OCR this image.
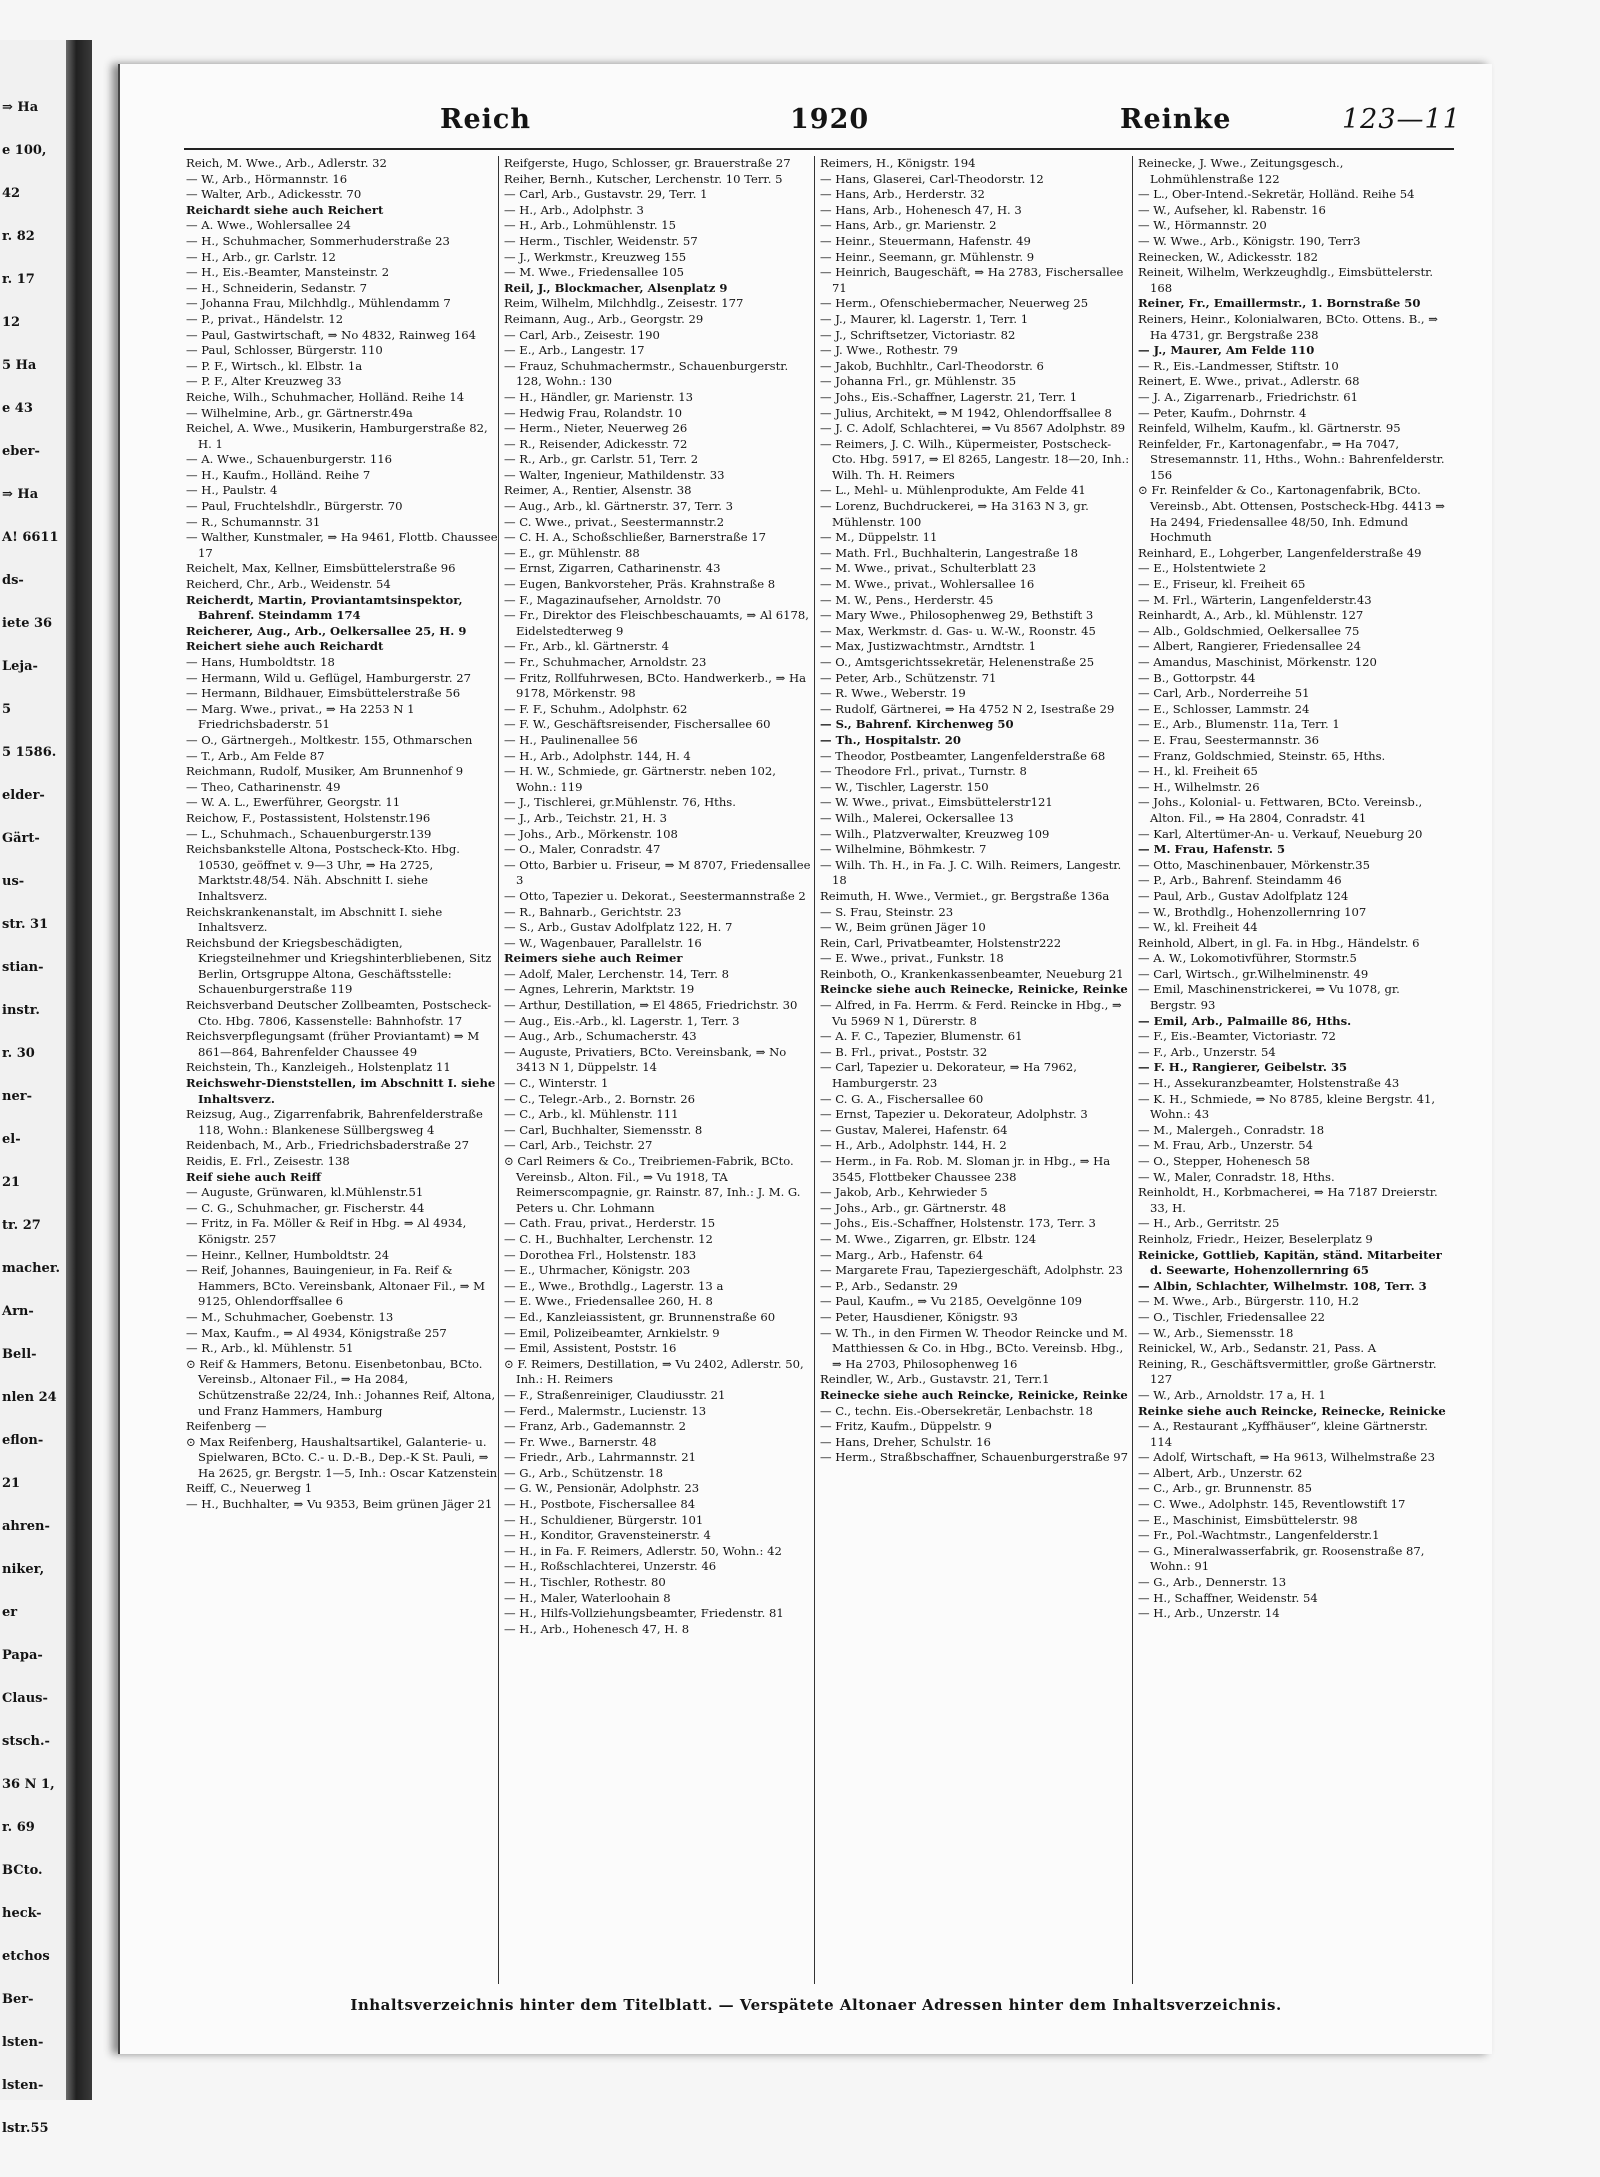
⇒ Ha
e 100,
42
r. 82
r. 17
12
5 Ha
e 43
eber-
⇒ Ha
A! 6611
ds-
iete 36
Leja-
5
5 1586.
elder-
Gärt-
us-
str. 31
stian-
instr.
r. 30
ner-
el-
21
tr. 27
macher.
Arn-
Bell-
nlen 24
eflon-
21
ahren-
niker,
er
Papa-
Claus-
stsch.-
36 N 1,
r. 69
BCto.
heck-
etchos
Ber-
lsten-
lsten-
lstr.55
Reich	1920	Reinke	123—11

Reich, M. Wwe., Arb., Adlerstr. 32

— W., Arb., Hörmannstr. 16

— Walter, Arb., Adickesstr. 70

Reichardt siehe auch Reichert

— A. Wwe., Wohlersallee 24

— H., Schuhmacher, Sommerhuderstraße 23

— H., Arb., gr. Carlstr. 12

— H., Eis.-Beamter, Mansteinstr. 2

— H., Schneiderin, Sedanstr. 7

— Johanna Frau, Milchhdlg., Mühlendamm 7

— P., privat., Händelstr. 12

— Paul, Gastwirtschaft, ⇒ No 4832, Rainweg 164

— Paul, Schlosser, Bürgerstr. 110

— P. F., Wirtsch., kl. Elbstr. 1a

— P. F., Alter Kreuzweg 33

Reiche, Wilh., Schuhmacher, Holländ. Reihe 14

— Wilhelmine, Arb., gr. Gärtnerstr.49a

Reichel, A. Wwe., Musikerin, Hamburgerstraße 82, H. 1

— A. Wwe., Schauenburgerstr. 116

— H., Kaufm., Holländ. Reihe 7

— H., Paulstr. 4

— Paul, Fruchtelshdlr., Bürgerstr. 70

— R., Schumannstr. 31

— Walther, Kunstmaler, ⇒ Ha 9461, Flottb. Chaussee 17

Reichelt, Max, Kellner, Eimsbüttelerstraße 96

Reicherd, Chr., Arb., Weidenstr. 54

Reicherdt, Martin, Proviantamtsinspektor, Bahrenf. Steindamm 174

Reicherer, Aug., Arb., Oelkersallee 25, H. 9

Reichert siehe auch Reichardt

— Hans, Humboldtstr. 18

— Hermann, Wild u. Geflügel, Hamburgerstr. 27

— Hermann, Bildhauer, Eimsbüttelerstraße 56

— Marg. Wwe., privat., ⇒ Ha 2253 N 1 Friedrichsbaderstr. 51

— O., Gärtnergeh., Moltkestr. 155, Othmarschen

— T., Arb., Am Felde 87

Reichmann, Rudolf, Musiker, Am Brunnenhof 9

— Theo, Catharinenstr. 49

— W. A. L., Ewerführer, Georgstr. 11

Reichow, F., Postassistent, Holstenstr.196

— L., Schuhmach., Schauenburgerstr.139

Reichsbankstelle Altona, Postscheck-Kto. Hbg. 10530, geöffnet v. 9—3 Uhr, ⇒ Ha 2725, Marktstr.48/54. Näh. Abschnitt I. siehe Inhaltsverz.

Reichskrankenanstalt, im Abschnitt I. siehe Inhaltsverz.

Reichsbund der Kriegsbeschädigten, Kriegsteilnehmer und Kriegshinterbliebenen, Sitz Berlin, Ortsgruppe Altona, Geschäftsstelle: Schauenburgerstraße 119

Reichsverband Deutscher Zollbeamten, Postscheck-Cto. Hbg. 7806, Kassenstelle: Bahnhofstr. 17

Reichsverpflegungsamt (früher Proviantamt) ⇒ M 861—864, Bahrenfelder Chaussee 49

Reichstein, Th., Kanzleigeh., Holstenplatz 11

Reichswehr-Dienststellen, im Abschnitt I. siehe Inhaltsverz.

Reizsug, Aug., Zigarrenfabrik, Bahrenfelderstraße 118, Wohn.: Blankenese Süllbergsweg 4

Reidenbach, M., Arb., Friedrichsbaderstraße 27

Reidis, E. Frl., Zeisestr. 138

Reif siehe auch Reiff

— Auguste, Grünwaren, kl.Mühlenstr.51

— C. G., Schuhmacher, gr. Fischerstr. 44

— Fritz, in Fa. Möller & Reif in Hbg. ⇒ Al 4934, Königstr. 257

— Heinr., Kellner, Humboldtstr. 24

— Reif, Johannes, Bauingenieur, in Fa. Reif & Hammers, BCto. Vereinsbank, Altonaer Fil., ⇒ M 9125, Ohlendorffsallee 6

— M., Schuhmacher, Goebenstr. 13

— Max, Kaufm., ⇒ Al 4934, Königstraße 257

— R., Arb., kl. Mühlenstr. 51

⊙ Reif & Hammers, Betonu. Eisenbetonbau, BCto. Vereinsb., Altonaer Fil., ⇒ Ha 2084, Schützenstraße 22/24, Inh.: Johannes Reif, Altona, und Franz Hammers, Hamburg

Reifenberg —

⊙ Max Reifenberg, Haushaltsartikel, Galanterie- u. Spielwaren, BCto. C.- u. D.-B., Dep.-K St. Pauli, ⇒ Ha 2625, gr. Bergstr. 1—5, Inh.: Oscar Katzenstein

Reiff, C., Neuerweg 1

— H., Buchhalter, ⇒ Vu 9353, Beim grünen Jäger 21

Reifgerste, Hugo, Schlosser, gr. Brauerstraße 27

Reiher, Bernh., Kutscher, Lerchenstr. 10 Terr. 5

— Carl, Arb., Gustavstr. 29, Terr. 1

— H., Arb., Adolphstr. 3

— H., Arb., Lohmühlenstr. 15

— Herm., Tischler, Weidenstr. 57

— J., Werkmstr., Kreuzweg 155

— M. Wwe., Friedensallee 105

Reil, J., Blockmacher, Alsenplatz 9

Reim, Wilhelm, Milchhdlg., Zeisestr. 177

Reimann, Aug., Arb., Georgstr. 29

— Carl, Arb., Zeisestr. 190

— E., Arb., Langestr. 17

— Frauz, Schuhmachermstr., Schauenburgerstr. 128, Wohn.: 130

— H., Händler, gr. Marienstr. 13

— Hedwig Frau, Rolandstr. 10

— Herm., Nieter, Neuerweg 26

— R., Reisender, Adickesstr. 72

— R., Arb., gr. Carlstr. 51, Terr. 2

— Walter, Ingenieur, Mathildenstr. 33

Reimer, A., Rentier, Alsenstr. 38

— Aug., Arb., kl. Gärtnerstr. 37, Terr. 3

— C. Wwe., privat., Seestermannstr.2

— C. H. A., Schoßschließer, Barnerstraße 17

— E., gr. Mühlenstr. 88

— Ernst, Zigarren, Catharinenstr. 43

— Eugen, Bankvorsteher, Präs. Krahnstraße 8

— F., Magazinaufseher, Arnoldstr. 70

— Fr., Direktor des Fleischbeschauamts, ⇒ Al 6178, Eidelstedterweg 9

— Fr., Arb., kl. Gärtnerstr. 4

— Fr., Schuhmacher, Arnoldstr. 23

— Fritz, Rollfuhrwesen, BCto. Handwerkerb., ⇒ Ha 9178, Mörkenstr. 98

— F. F., Schuhm., Adolphstr. 62

— F. W., Geschäftsreisender, Fischersallee 60

— H., Paulinenallee 56

— H., Arb., Adolphstr. 144, H. 4

— H. W., Schmiede, gr. Gärtnerstr. neben 102, Wohn.: 119

— J., Tischlerei, gr.Mühlenstr. 76, Hths.

— J., Arb., Teichstr. 21, H. 3

— Johs., Arb., Mörkenstr. 108

— O., Maler, Conradstr. 47

— Otto, Barbier u. Friseur, ⇒ M 8707, Friedensallee 3

— Otto, Tapezier u. Dekorat., Seestermannstraße 2

— R., Bahnarb., Gerichtstr. 23

— S., Arb., Gustav Adolfplatz 122, H. 7

— W., Wagenbauer, Parallelstr. 16

Reimers siehe auch Reimer

— Adolf, Maler, Lerchenstr. 14, Terr. 8

— Agnes, Lehrerin, Marktstr. 19

— Arthur, Destillation, ⇒ El 4865, Friedrichstr. 30

— Aug., Eis.-Arb., kl. Lagerstr. 1, Terr. 3

— Aug., Arb., Schumacherstr. 43

— Auguste, Privatiers, BCto. Vereinsbank, ⇒ No 3413 N 1, Düppelstr. 14

— C., Winterstr. 1

— C., Telegr.-Arb., 2. Bornstr. 26

— C., Arb., kl. Mühlenstr. 111

— Carl, Buchhalter, Siemensstr. 8

— Carl, Arb., Teichstr. 27

⊙ Carl Reimers & Co., Treibriemen-Fabrik, BCto. Vereinsb., Alton. Fil., ⇒ Vu 1918, TA Reimerscompagnie, gr. Rainstr. 87, Inh.: J. M. G. Peters u. Chr. Lohmann

— Cath. Frau, privat., Herderstr. 15

— C. H., Buchhalter, Lerchenstr. 12

— Dorothea Frl., Holstenstr. 183

— E., Uhrmacher, Königstr. 203

— E., Wwe., Brothdlg., Lagerstr. 13 a

— E. Wwe., Friedensallee 260, H. 8

— Ed., Kanzleiassistent, gr. Brunnenstraße 60

— Emil, Polizeibeamter, Arnkielstr. 9

— Emil, Assistent, Poststr. 16

⊙ F. Reimers, Destillation, ⇒ Vu 2402, Adlerstr. 50, Inh.: H. Reimers

— F., Straßenreiniger, Claudiusstr. 21

— Ferd., Malermstr., Lucienstr. 13

— Franz, Arb., Gademannstr. 2

— Fr. Wwe., Barnerstr. 48

— Friedr., Arb., Lahrmannstr. 21

— G., Arb., Schützenstr. 18

— G. W., Pensionär, Adolphstr. 23

— H., Postbote, Fischersallee 84

— H., Schuldiener, Bürgerstr. 101

— H., Konditor, Gravensteinerstr. 4

— H., in Fa. F. Reimers, Adlerstr. 50, Wohn.: 42

— H., Roßschlachterei, Unzerstr. 46

— H., Tischler, Rothestr. 80

— H., Maler, Waterloohain 8

— H., Hilfs-Vollziehungsbeamter, Friedenstr. 81

— H., Arb., Hohenesch 47, H. 8

Reimers, H., Königstr. 194

— Hans, Glaserei, Carl-Theodorstr. 12

— Hans, Arb., Herderstr. 32

— Hans, Arb., Hohenesch 47, H. 3

— Hans, Arb., gr. Marienstr. 2

— Heinr., Steuermann, Hafenstr. 49

— Heinr., Seemann, gr. Mühlenstr. 9

— Heinrich, Baugeschäft, ⇒ Ha 2783, Fischersallee 71

— Herm., Ofenschiebermacher, Neuerweg 25

— J., Maurer, kl. Lagerstr. 1, Terr. 1

— J., Schriftsetzer, Victoriastr. 82

— J. Wwe., Rothestr. 79

— Jakob, Buchhltr., Carl-Theodorstr. 6

— Johanna Frl., gr. Mühlenstr. 35

— Johs., Eis.-Schaffner, Lagerstr. 21, Terr. 1

— Julius, Architekt, ⇒ M 1942, Ohlendorffsallee 8

— J. C. Adolf, Schlachterei, ⇒ Vu 8567 Adolphstr. 89

— Reimers, J. C. Wilh., Küpermeister, Postscheck-Cto. Hbg. 5917, ⇒ El 8265, Langestr. 18—20, Inh.: Wilh. Th. H. Reimers

— L., Mehl- u. Mühlenprodukte, Am Felde 41

— Lorenz, Buchdruckerei, ⇒ Ha 3163 N 3, gr. Mühlenstr. 100

— M., Düppelstr. 11

— Math. Frl., Buchhalterin, Langestraße 18

— M. Wwe., privat., Schulterblatt 23

— M. Wwe., privat., Wohlersallee 16

— M. W., Pens., Herderstr. 45

— Mary Wwe., Philosophenweg 29, Bethstift 3

— Max, Werkmstr. d. Gas- u. W.-W., Roonstr. 45

— Max, Justizwachtmstr., Arndtstr. 1

— O., Amtsgerichtssekretär, Helenenstraße 25

— Peter, Arb., Schützenstr. 71

— R. Wwe., Weberstr. 19

— Rudolf, Gärtnerei, ⇒ Ha 4752 N 2, Isestraße 29

— S., Bahrenf. Kirchenweg 50

— Th., Hospitalstr. 20

— Theodor, Postbeamter, Langenfelderstraße 68

— Theodore Frl., privat., Turnstr. 8

— W., Tischler, Lagerstr. 150

— W. Wwe., privat., Eimsbüttelerstr121

— Wilh., Malerei, Ockersallee 13

— Wilh., Platzverwalter, Kreuzweg 109

— Wilhelmine, Böhmkestr. 7

— Wilh. Th. H., in Fa. J. C. Wilh. Reimers, Langestr. 18

Reimuth, H. Wwe., Vermiet., gr. Bergstraße 136a

— S. Frau, Steinstr. 23

— W., Beim grünen Jäger 10

Rein, Carl, Privatbeamter, Holstenstr222

— E. Wwe., privat., Funkstr. 18

Reinboth, O., Krankenkassenbeamter, Neueburg 21

Reincke siehe auch Reinecke, Reinicke, Reinke

— Alfred, in Fa. Herrm. & Ferd. Reincke in Hbg., ⇒ Vu 5969 N 1, Dürerstr. 8

— A. F. C., Tapezier, Blumenstr. 61

— B. Frl., privat., Poststr. 32

— Carl, Tapezier u. Dekorateur, ⇒ Ha 7962, Hamburgerstr. 23

— C. G. A., Fischersallee 60

— Ernst, Tapezier u. Dekorateur, Adolphstr. 3

— Gustav, Malerei, Hafenstr. 64

— H., Arb., Adolphstr. 144, H. 2

— Herm., in Fa. Rob. M. Sloman jr. in Hbg., ⇒ Ha 3545, Flottbeker Chaussee 238

— Jakob, Arb., Kehrwieder 5

— Johs., Arb., gr. Gärtnerstr. 48

— Johs., Eis.-Schaffner, Holstenstr. 173, Terr. 3

— M. Wwe., Zigarren, gr. Elbstr. 124

— Marg., Arb., Hafenstr. 64

— Margarete Frau, Tapeziergeschäft, Adolphstr. 23

— P., Arb., Sedanstr. 29

— Paul, Kaufm., ⇒ Vu 2185, Oevelgönne 109

— Peter, Hausdiener, Königstr. 93

— W. Th., in den Firmen W. Theodor Reincke und M. Matthiessen & Co. in Hbg., BCto. Vereinsb. Hbg., ⇒ Ha 2703, Philosophenweg 16

Reindler, W., Arb., Gustavstr. 21, Terr.1

Reinecke siehe auch Reincke, Reinicke, Reinke

— C., techn. Eis.-Obersekretär, Lenbachstr. 18

— Fritz, Kaufm., Düppelstr. 9

— Hans, Dreher, Schulstr. 16

— Herm., Straßbschaffner, Schauenburgerstraße 97

Reinecke, J. Wwe., Zeitungsgesch., Lohmühlenstraße 122

— L., Ober-Intend.-Sekretär, Holländ. Reihe 54

— W., Aufseher, kl. Rabenstr. 16

— W., Hörmannstr. 20

— W. Wwe., Arb., Königstr. 190, Terr3

Reinecken, W., Adickesstr. 182

Reineit, Wilhelm, Werkzeughdlg., Eimsbüttelerstr. 168

Reiner, Fr., Emaillermstr., 1. Bornstraße 50

Reiners, Heinr., Kolonialwaren, BCto. Ottens. B., ⇒ Ha 4731, gr. Bergstraße 238

— J., Maurer, Am Felde 110

— R., Eis.-Landmesser, Stiftstr. 10

Reinert, E. Wwe., privat., Adlerstr. 68

— J. A., Zigarrenarb., Friedrichstr. 61

— Peter, Kaufm., Dohrnstr. 4

Reinfeld, Wilhelm, Kaufm., kl. Gärtnerstr. 95

Reinfelder, Fr., Kartonagenfabr., ⇒ Ha 7047, Stresemannstr. 11, Hths., Wohn.: Bahrenfelderstr. 156

⊙ Fr. Reinfelder & Co., Kartonagenfabrik, BCto. Vereinsb., Abt. Ottensen, Postscheck-Hbg. 4413 ⇒ Ha 2494, Friedensallee 48/50, Inh. Edmund Hochmuth

Reinhard, E., Lohgerber, Langenfelderstraße 49

— E., Holstentwiete 2

— E., Friseur, kl. Freiheit 65

— M. Frl., Wärterin, Langenfelderstr.43

Reinhardt, A., Arb., kl. Mühlenstr. 127

— Alb., Goldschmied, Oelkersallee 75

— Albert, Rangierer, Friedensallee 24

— Amandus, Maschinist, Mörkenstr. 120

— B., Gottorpstr. 44

— Carl, Arb., Norderreihe 51

— E., Schlosser, Lammstr. 24

— E., Arb., Blumenstr. 11a, Terr. 1

— E. Frau, Seestermannstr. 36

— Franz, Goldschmied, Steinstr. 65, Hths.

— H., kl. Freiheit 65

— H., Wilhelmstr. 26

— Johs., Kolonial- u. Fettwaren, BCto. Vereinsb., Alton. Fil., ⇒ Ha 2804, Conradstr. 41

— Karl, Altertümer-An- u. Verkauf, Neueburg 20

— M. Frau, Hafenstr. 5

— Otto, Maschinenbauer, Mörkenstr.35

— P., Arb., Bahrenf. Steindamm 46

— Paul, Arb., Gustav Adolfplatz 124

— W., Brothdlg., Hohenzollernring 107

— W., kl. Freiheit 44

Reinhold, Albert, in gl. Fa. in Hbg., Händelstr. 6

— A. W., Lokomotivführer, Stormstr.5

— Carl, Wirtsch., gr.Wilhelminenstr. 49

— Emil, Maschinenstrickerei, ⇒ Vu 1078, gr. Bergstr. 93

— Emil, Arb., Palmaille 86, Hths.

— F., Eis.-Beamter, Victoriastr. 72

— F., Arb., Unzerstr. 54

— F. H., Rangierer, Geibelstr. 35

— H., Assekuranzbeamter, Holstenstraße 43

— K. H., Schmiede, ⇒ No 8785, kleine Bergstr. 41, Wohn.: 43

— M., Malergeh., Conradstr. 18

— M. Frau, Arb., Unzerstr. 54

— O., Stepper, Hohenesch 58

— W., Maler, Conradstr. 18, Hths.

Reinholdt, H., Korbmacherei, ⇒ Ha 7187 Dreierstr. 33, H.

— H., Arb., Gerritstr. 25

Reinholz, Friedr., Heizer, Beselerplatz 9

Reinicke, Gottlieb, Kapitän, ständ. Mitarbeiter d. Seewarte, Hohenzollernring 65

— Albin, Schlachter, Wilhelmstr. 108, Terr. 3

— M. Wwe., Arb., Bürgerstr. 110, H.2

— O., Tischler, Friedensallee 22

— W., Arb., Siemensstr. 18

Reinickel, W., Arb., Sedanstr. 21, Pass. A

Reining, R., Geschäftsvermittler, große Gärtnerstr. 127

— W., Arb., Arnoldstr. 17 a, H. 1

Reinke siehe auch Reincke, Reinecke, Reinicke

— A., Restaurant „Kyffhäuser“, kleine Gärtnerstr. 114

— Adolf, Wirtschaft, ⇒ Ha 9613, Wilhelmstraße 23

— Albert, Arb., Unzerstr. 62

— C., Arb., gr. Brunnenstr. 85

— C. Wwe., Adolphstr. 145, Reventlowstift 17

— E., Maschinist, Eimsbüttelerstr. 98

— Fr., Pol.-Wachtmstr., Langenfelderstr.1

— G., Mineralwasserfabrik, gr. Roosenstraße 87, Wohn.: 91

— G., Arb., Dennerstr. 13

— H., Schaffner, Weidenstr. 54

— H., Arb., Unzerstr. 14

Inhaltsverzeichnis hinter dem Titelblatt. — Verspätete Altonaer Adressen hinter dem Inhaltsverzeichnis.
